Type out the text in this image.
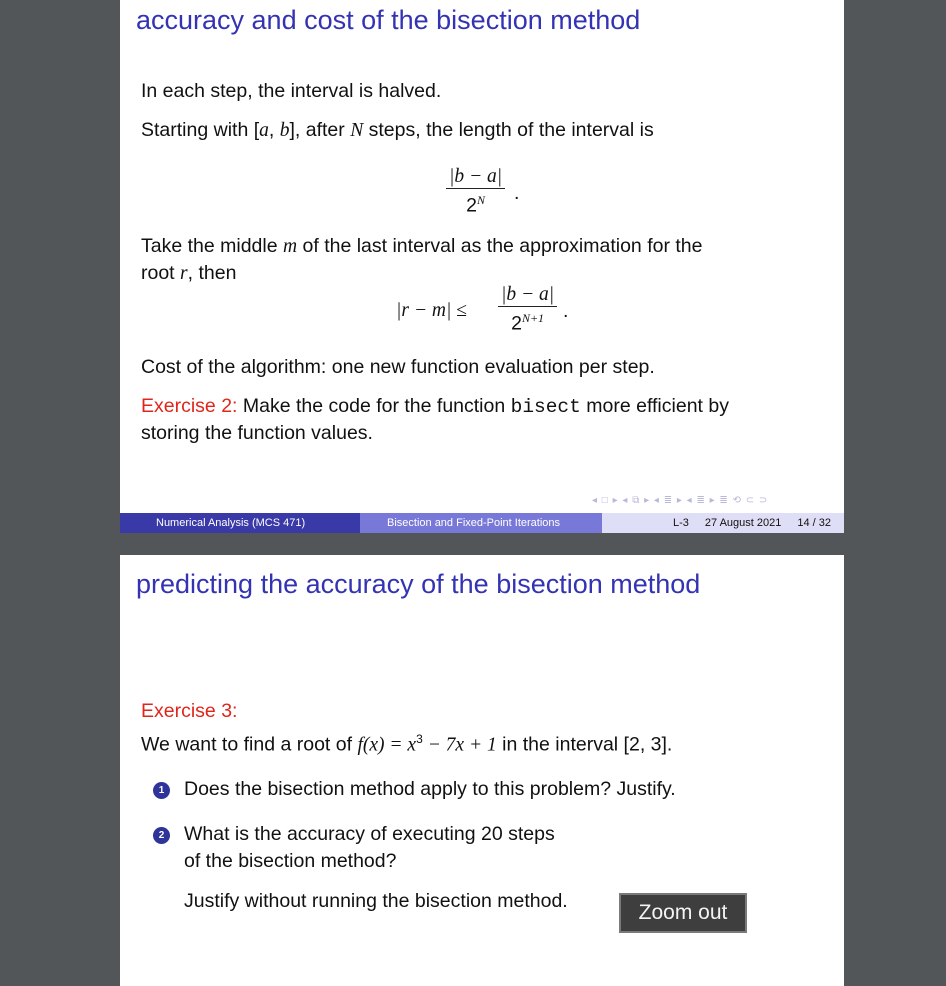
accuracy and cost of the bisection method
In each step, the interval is halved.
Starting with [a, b], after N steps, the length of the interval is
|b − a|
$2^N$	.
Take the middle m of the last interval as the approximation for the
root r, then
|r − m| ≤
|b − a|
$2^{N+1}$ .
Cost of the algorithm: one new function evaluation per step.
Exercise 2: Make the code for the function bisect more efficient by
storing the function values.
◂ □ ▸ ◂ ⧉ ▸ ◂ ≣ ▸ ◂ ≣ ▸ ≣ ⟲ ⊂ ⊃
Numerical Analysis (MCS 471)	Bisection and Fixed-Point Iterations	L-3 27 August 2021 14 / 32
predicting the accuracy of the bisection method
Exercise 3:
We want to find a root of $f(x) = x^3 - 7x + 1$ in the interval [2, 3].
1 Does the bisection method apply to this problem? Justify.
2 What is the accuracy of executing 20 steps
of the bisection method?
Justify without running the bisection method.	Zoom out
